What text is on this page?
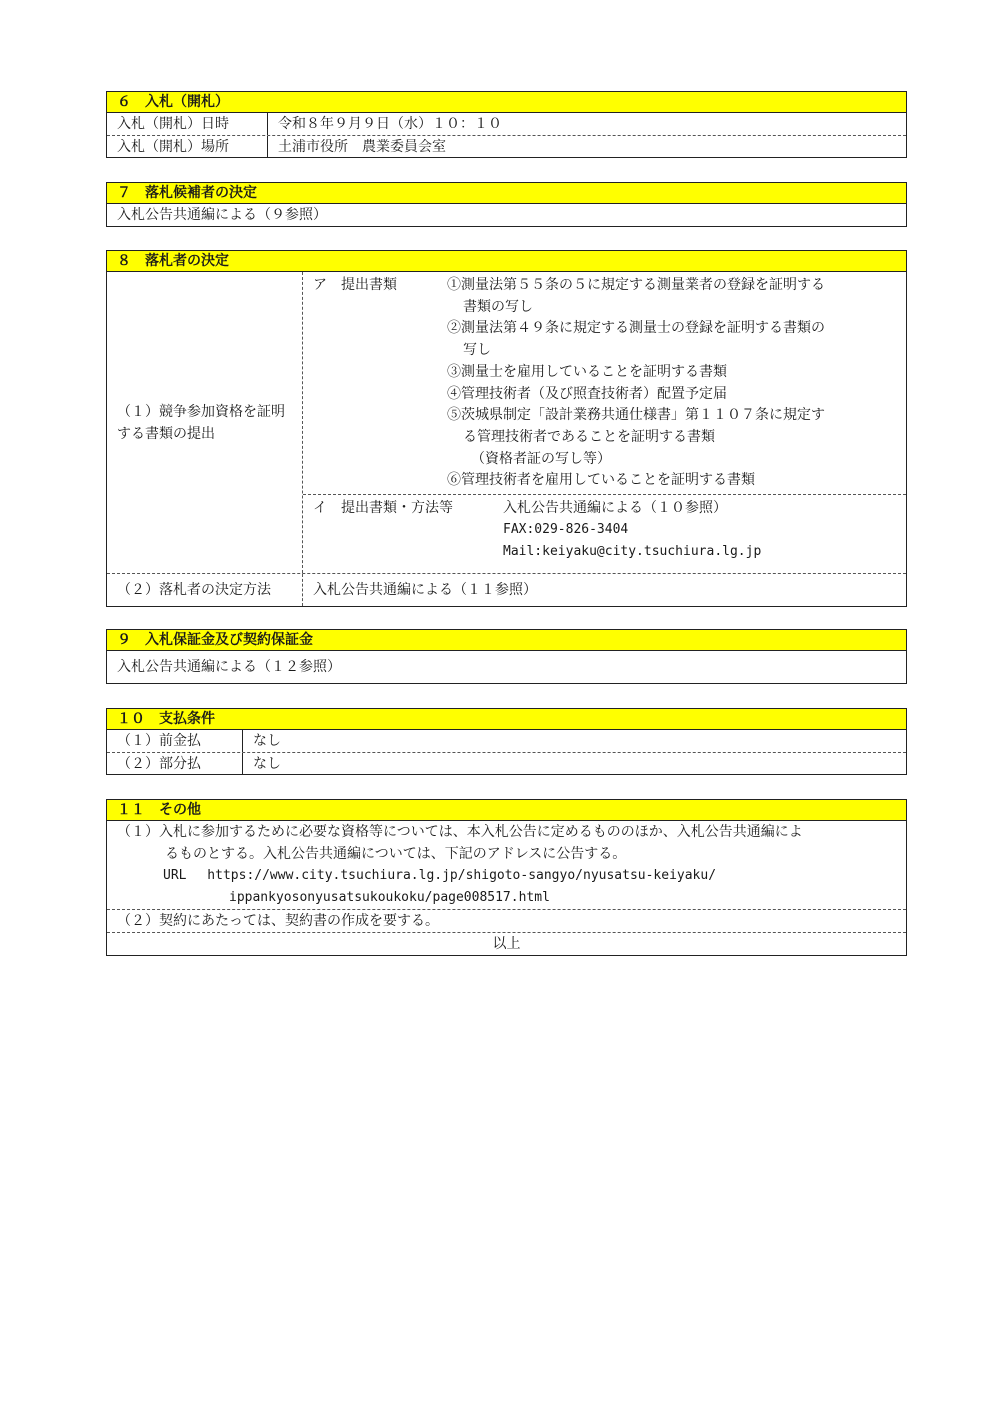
６　入札（開札）
入札（開札）日時	令和８年９月９日（水）１０：１０
入札（開札）場所	土浦市役所　農業委員会室
７　落札候補者の決定
入札公告共通編による（９参照）
８　落札者の決定
（１）競争参加資格を証明する書類の提出
ア　提出書類	①測量法第５５条の５に規定する測量業者の登録を証明する
書類の写し
②測量法第４９条に規定する測量士の登録を証明する書類の
写し
③測量士を雇用していることを証明する書類
④管理技術者（及び照査技術者）配置予定届
⑤茨城県制定「設計業務共通仕様書」第１１０７条に規定す
る管理技術者であることを証明する書類
（資格者証の写し等）
⑥管理技術者を雇用していることを証明する書類
イ　提出書類・方法等	入札公告共通編による（１０参照）
FAX:029-826-3404
Mail:keiyaku@city.tsuchiura.lg.jp
（２）落札者の決定方法	入札公告共通編による（１１参照）
９　入札保証金及び契約保証金
入札公告共通編による（１２参照）
１０　支払条件
（１）前金払	なし
（２）部分払	なし
１１　その他
（１）入札に参加するために必要な資格等については、本入札公告に定めるもののほか、入札公告共通編によ
るものとする。入札公告共通編については、下記のアドレスに公告する。
URL　 https://www.city.tsuchiura.lg.jp/shigoto-sangyo/nyusatsu-keiyaku/
ippankyosonyusatsukoukoku/page008517.html
（２）契約にあたっては、契約書の作成を要する。
以上
